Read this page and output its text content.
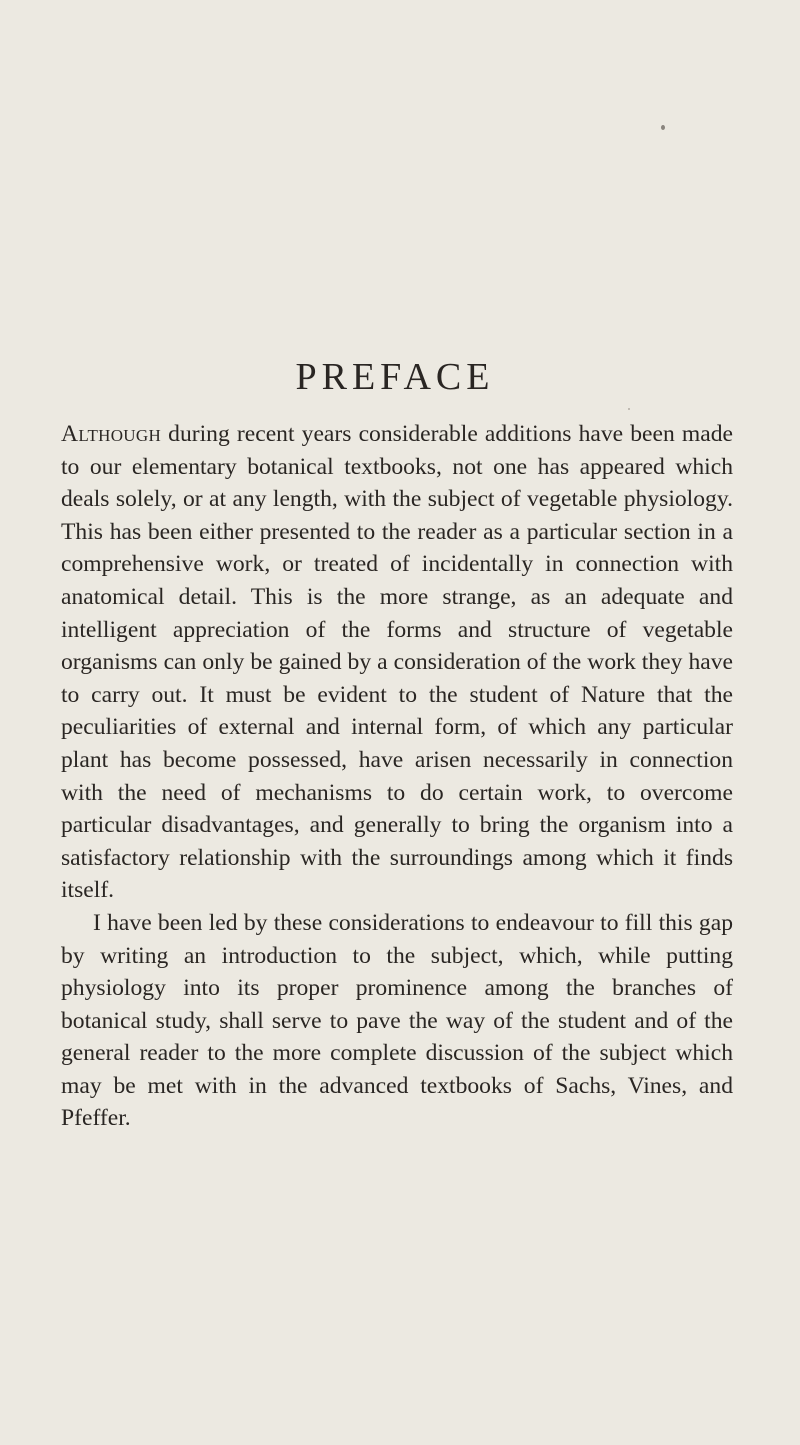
PREFACE

Although during recent years considerable additions have been made to our elementary botanical textbooks, not one has appeared which deals solely, or at any length, with the subject of vegetable physiology. This has been either presented to the reader as a particular section in a comprehensive work, or treated of incidentally in connection with anatomical detail. This is the more strange, as an adequate and intelligent appreciation of the forms and structure of vegetable organisms can only be gained by a consideration of the work they have to carry out. It must be evident to the student of Nature that the peculiarities of external and internal form, of which any particular plant has become possessed, have arisen necessarily in connection with the need of mechanisms to do certain work, to overcome particular disadvantages, and generally to bring the organism into a satisfactory relationship with the surroundings among which it finds itself.

I have been led by these considerations to endeavour to fill this gap by writing an introduction to the subject, which, while putting physiology into its proper prominence among the branches of botanical study, shall serve to pave the way of the student and of the general reader to the more complete discussion of the subject which may be met with in the advanced textbooks of Sachs, Vines, and Pfeffer.
